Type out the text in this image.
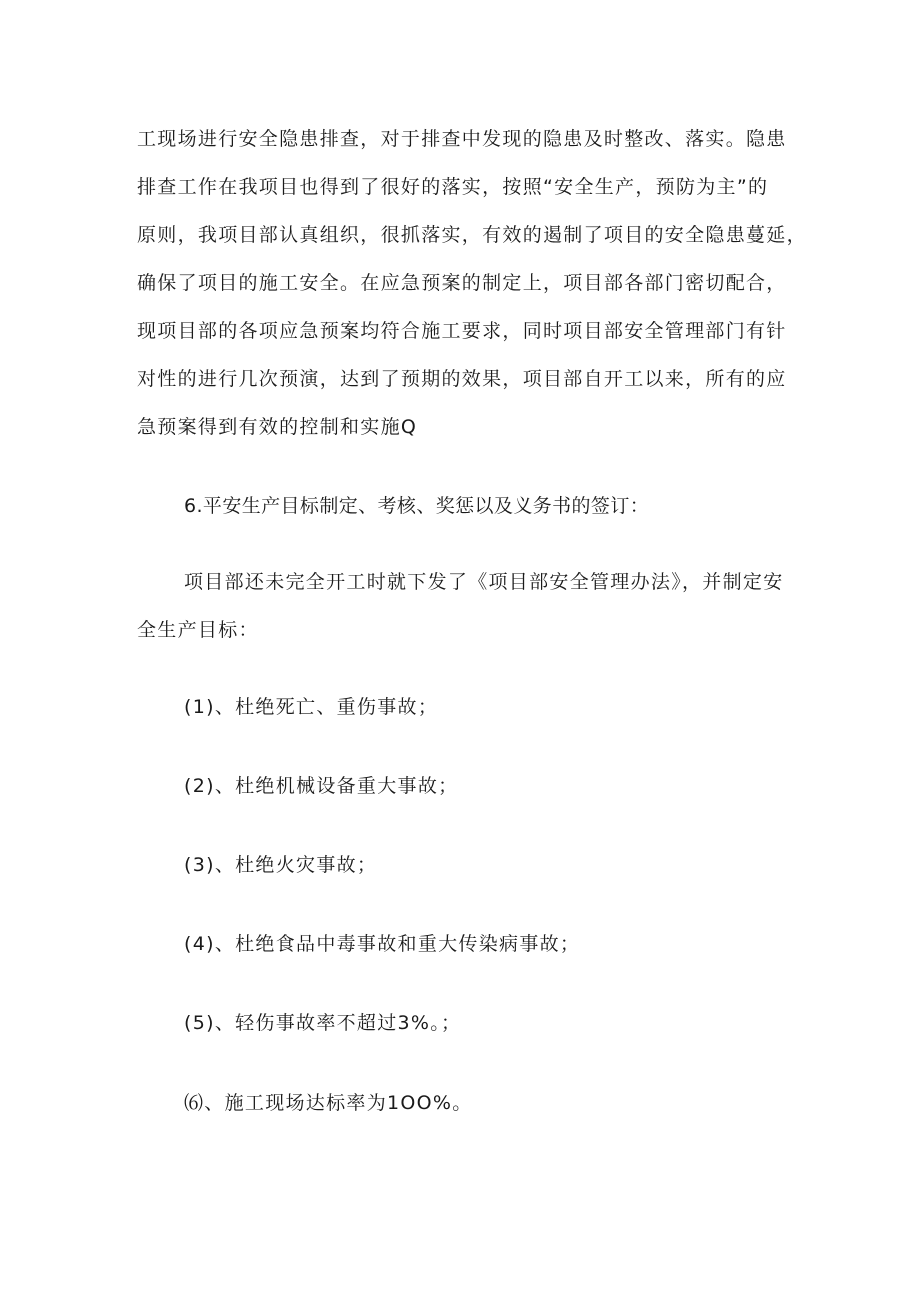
工现场进行安全隐患排查，对于排查中发现的隐患及时整改、落实。隐患
排查工作在我项目也得到了很好的落实，按照“安全生产，预防为主”的
原则，我项目部认真组织，很抓落实，有效的遏制了项目的安全隐患蔓延，
确保了项目的施工安全。在应急预案的制定上，项目部各部门密切配合，
现项目部的各项应急预案均符合施工要求，同时项目部安全管理部门有针
对性的进行几次预演，达到了预期的效果，项目部自开工以来，所有的应
急预案得到有效的控制和实施Q
6.平安生产目标制定、考核、奖惩以及义务书的签订：
项目部还未完全开工时就下发了《项目部安全管理办法》，并制定安
全生产目标：
(1)、杜绝死亡、重伤事故；
(2)、杜绝机械设备重大事故；
(3)、杜绝火灾事故；
(4)、杜绝食品中毒事故和重大传染病事故；
(5)、轻伤事故率不超过3%。；
⑹、施工现场达标率为1OO%。
